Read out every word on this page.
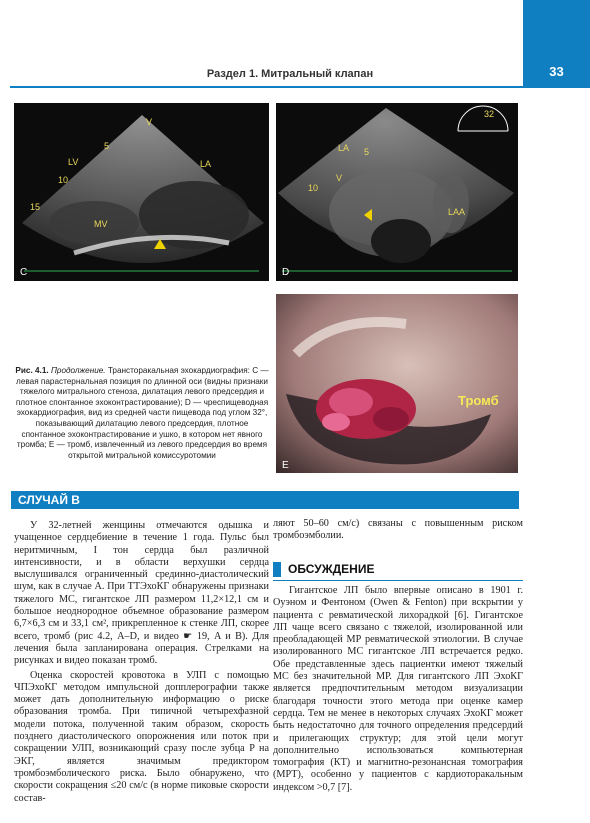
33
Раздел 1. Митральный клапан
V
LV	LA
MV
5
10
15
C
LA
LAA
V
32
5
10
D
E
Тромб
Рис. 4.1. Продолжение. Трансторакальная эхокардиография: C — левая парастернальная позиция по длинной оси (видны признаки тяжелого митрального стеноза, дилатация левого предсердия и плотное спонтанное эхоконтрастирование); D — чреспищеводная эхокардиография, вид из средней части пищевода под углом 32°, показывающий дилатацию левого предсердия, плотное спонтанное эхоконтрастирование и ушко, в котором нет явного тромба; E — тромб, извлеченный из левого предсердия во время открытой митральной комиссуротомии
СЛУЧАЙ В

У 32-летней женщины отмечаются одышка и учащенное сердцебиение в течение 1 года. Пульс был неритмичным, I тон сердца был различной интенсивности, и в области верхушки сердца выслушивался ограниченный срединно-диастолический шум, как в случае A. При ТТЭхоКГ обнаружены признаки тяжелого МС, гигантское ЛП размером 11,2×12,1 см и большое неоднородное объемное образование размером 6,7×6,3 см и 33,1 см², прикрепленное к стенке ЛП, скорее всего, тромб (рис 4.2, A–D, и видео ☛ 19, A и B). Для лечения была запланирована операция. Стрелками на рисунках и видео показан тромб.

Оценка скоростей кровотока в УЛП с помощью ЧПЭхоКГ методом импульсной допплерографии также может дать дополнительную информацию о риске образования тромба. При типичной четырехфазной модели потока, полученной таким образом, скорость позднего диастолического опорожнения или поток при сокращении УЛП, возникающий сразу после зубца P на ЭКГ, является значимым предиктором тромбоэмболического риска. Было обнаружено, что скорости сокращения ≤20 см/с (в норме пиковые скорости состав-

ляют 50–60 см/с) связаны с повышенным риском тромбоэмболии.

ОБСУЖДЕНИЕ

Гигантское ЛП было впервые описано в 1901 г. Оуэном и Фентоном (Owen & Fenton) при вскрытии у пациента с ревматической лихорадкой [6]. Гигантское ЛП чаще всего связано с тяжелой, изолированной или преобладающей МР ревматической этиологии. В случае изолированного МС гигантское ЛП встречается редко. Обе представленные здесь пациентки имеют тяжелый МС без значительной МР. Для гигантского ЛП ЭхоКГ является предпочтительным методом визуализации благодаря точности этого метода при оценке камер сердца. Тем не менее в некоторых случаях ЭхоКГ может быть недостаточно для точного определения предсердий и прилегающих структур; для этой цели могут дополнительно использоваться компьютерная томография (КТ) и магнитно-резонансная томография (МРТ), особенно у пациентов с кардиоторакальным индексом >0,7 [7].
